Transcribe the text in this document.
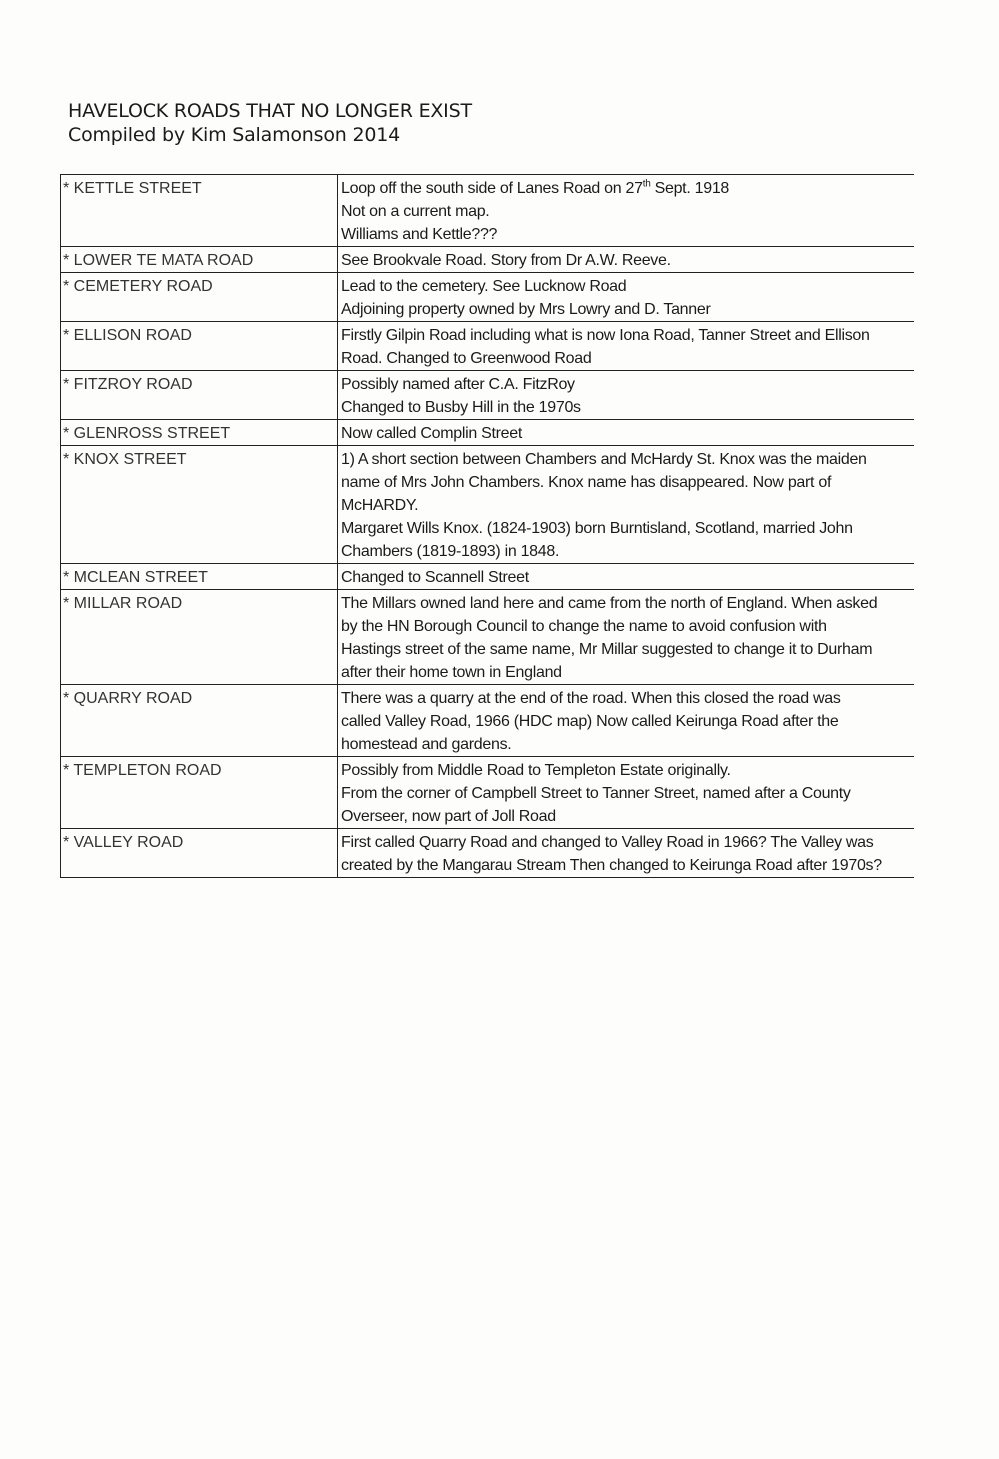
HAVELOCK ROADS THAT NO LONGER EXIST
Compiled by Kim Salamonson 2014
* KETTLE STREET	Loop off the south side of Lanes Road on 27th Sept. 1918
Not on a current map.
Williams and Kettle???

* LOWER TE MATA ROAD	See Brookvale Road. Story from Dr A.W. Reeve.

* CEMETERY ROAD	Lead to the cemetery. See Lucknow Road
Adjoining property owned by Mrs Lowry and D. Tanner

* ELLISON ROAD	Firstly Gilpin Road including what is now Iona Road, Tanner Street and Ellison
Road. Changed to Greenwood Road

* FITZROY ROAD	Possibly named after C.A. FitzRoy
Changed to Busby Hill in the 1970s

* GLENROSS STREET	Now called Complin Street

* KNOX STREET	1) A short section between Chambers and McHardy St. Knox was the maiden
name of Mrs John Chambers. Knox name has disappeared. Now part of
McHARDY.
Margaret Wills Knox. (1824-1903) born Burntisland, Scotland, married John
Chambers (1819-1893) in 1848.

* MCLEAN STREET	Changed to Scannell Street

* MILLAR ROAD	The Millars owned land here and came from the north of England. When asked
by the HN Borough Council to change the name to avoid confusion with
Hastings street of the same name, Mr Millar suggested to change it to Durham
after their home town in England

* QUARRY ROAD	There was a quarry at the end of the road. When this closed the road was
called Valley Road, 1966 (HDC map) Now called Keirunga Road after the
homestead and gardens.

* TEMPLETON ROAD	Possibly from Middle Road to Templeton Estate originally.
From the corner of Campbell Street to Tanner Street, named after a County
Overseer, now part of Joll Road

* VALLEY ROAD	First called Quarry Road and changed to Valley Road in 1966? The Valley was
created by the Mangarau Stream Then changed to Keirunga Road after 1970s?
